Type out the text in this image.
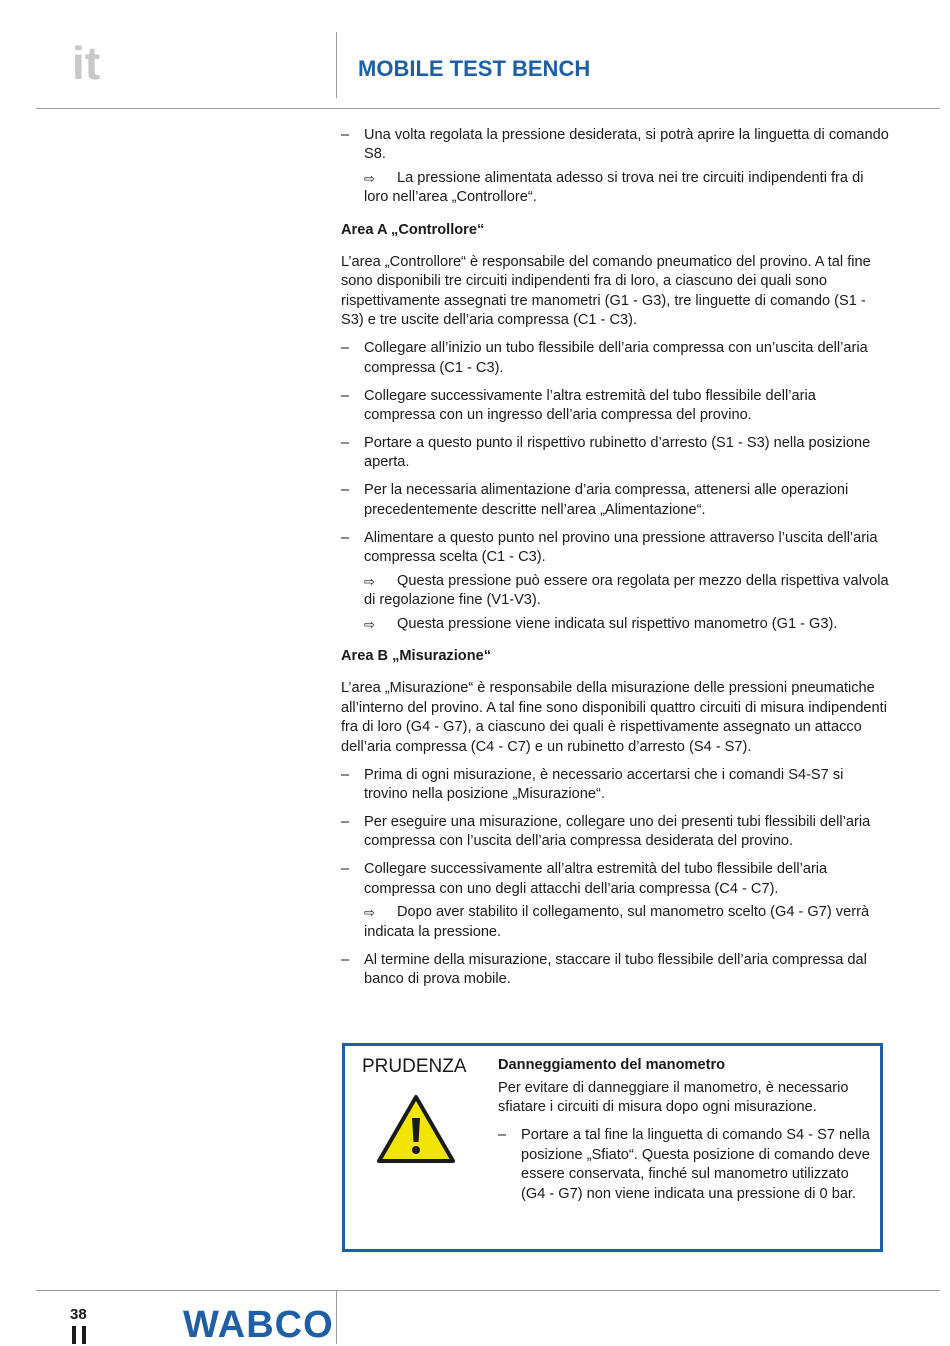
it	MOBILE TEST BENCH
– Una volta regolata la pressione desiderata, si potrà aprire la linguetta di comando S8.
⇨ La pressione alimentata adesso si trova nei tre circuiti indipendenti fra di loro nell’area „Controllore“.
Area A „Controllore“
L’area „Controllore“ è responsabile del comando pneumatico del provino. A tal fine sono disponibili tre circuiti indipendenti fra di loro, a ciascuno dei quali sono rispettivamente assegnati tre manometri (G1 - G3), tre linguette di comando (S1 - S3) e tre uscite dell’aria compressa (C1 - C3).
– Collegare all’inizio un tubo flessibile dell’aria compressa con un’uscita dell’aria compressa (C1 - C3).
– Collegare successivamente l’altra estremità del tubo flessibile dell’aria compressa con un ingresso dell’aria compressa del provino.
– Portare a questo punto il rispettivo rubinetto d’arresto (S1 - S3) nella posizione aperta.
– Per la necessaria alimentazione d’aria compressa, attenersi alle operazioni precedentemente descritte nell’area „Alimentazione“.
– Alimentare a questo punto nel provino una pressione attraverso l’uscita dell’aria compressa scelta (C1 - C3).
⇨ Questa pressione può essere ora regolata per mezzo della rispettiva valvola di regolazione fine (V1-V3).
⇨ Questa pressione viene indicata sul rispettivo manometro (G1 - G3).
Area B „Misurazione“
L’area „Misurazione“ è responsabile della misurazione delle pressioni pneumatiche all’interno del provino. A tal fine sono disponibili quattro circuiti di misura indipendenti fra di loro (G4 - G7), a ciascuno dei quali è rispettivamente assegnato un attacco dell’aria compressa (C4 - C7) e un rubinetto d’arresto (S4 - S7).
– Prima di ogni misurazione, è necessario accertarsi che i comandi S4-S7 si trovino nella posizione „Misurazione“.
– Per eseguire una misurazione, collegare uno dei presenti tubi flessibili dell’aria compressa con l’uscita dell’aria compressa desiderata del provino.
– Collegare successivamente all’altra estremità del tubo flessibile dell’aria compressa con uno degli attacchi dell’aria compressa (C4 - C7).
⇨ Dopo aver stabilito il collegamento, sul manometro scelto (G4 - G7) verrà indicata la pressione.
– Al termine della misurazione, staccare il tubo flessibile dell’aria compressa dal banco di prova mobile.
PRUDENZA Danneggiamento del manometro
Per evitare di danneggiare il manometro, è necessario sfiatare i circuiti di misura dopo ogni misurazione.
– Portare a tal fine la linguetta di comando S4 - S7 nella posizione „Sfiato“. Questa posizione di comando deve essere conservata, finché sul manometro utilizzato (G4 - G7) non viene indicata una pressione di 0 bar.
38	WABCO
